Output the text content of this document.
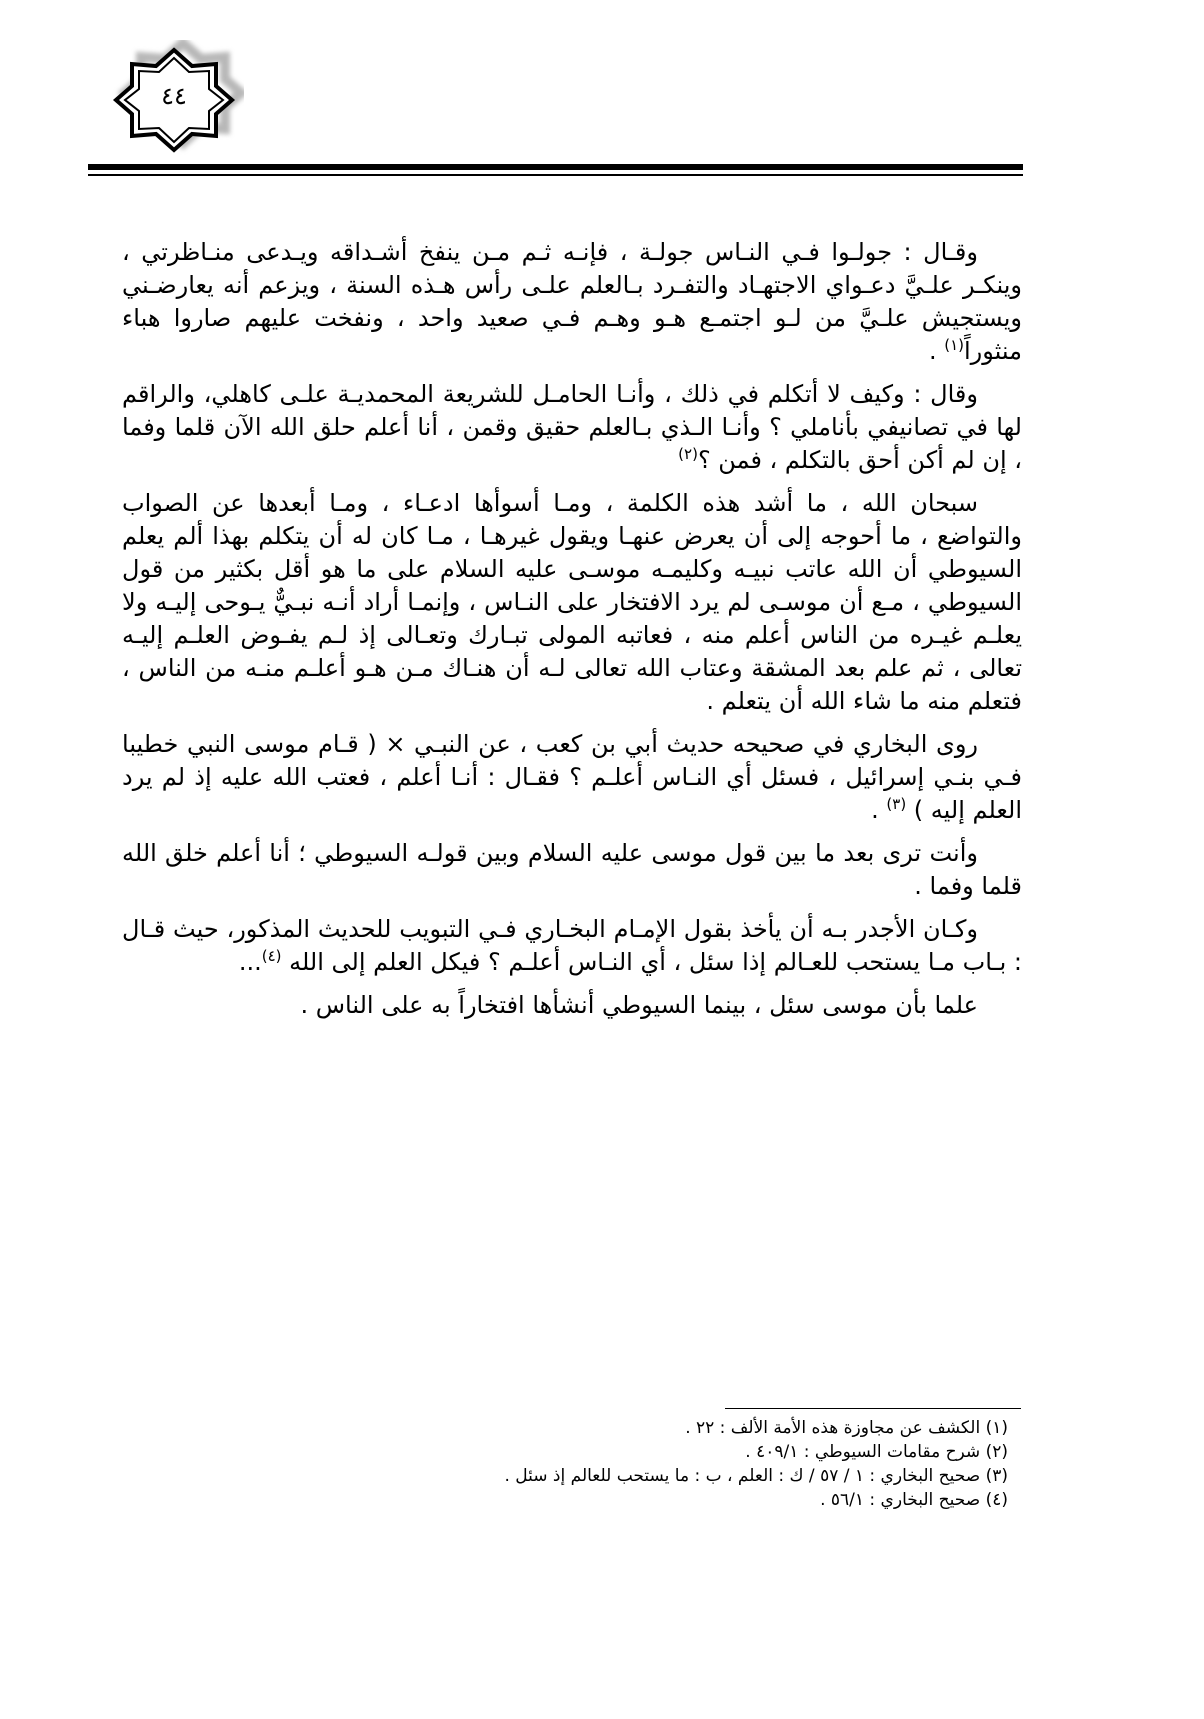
٤٤

وقـال : جولـوا فـي النـاس جولـة ، فإنـه ثـم مـن ينفخ أشـداقه ويـدعى منـاظرتي ، وينكـر علـيَّ دعـواي الاجتهـاد والتفـرد بـالعلم علـى رأس هـذه السنة ، ويزعم أنه يعارضـني ويستجيش علـيَّ من لـو اجتمـع هـو وهـم فـي صعيد واحد ، ونفخت عليهم صاروا هباء منثوراً$^{(١)}$ .

وقال : وكيف لا أتكلم في ذلك ، وأنـا الحامـل للشريعة المحمديـة علـى كاهلي، والراقم لها في تصانيفي بأناملي ؟ وأنـا الـذي بـالعلم حقيق وقمن ، أنا أعلم حلق الله الآن قلما وفما ، إن لم أكن أحق بالتكلم ، فمن ؟$^{(٢)}$

سبحان الله ، ما أشد هذه الكلمة ، ومـا أسوأها ادعـاء ، ومـا أبعدها عن الصواب والتواضع ، ما أحوجه إلى أن يعرض عنهـا ويقول غيرهـا ، مـا كان له أن يتكلم بهذا ألم يعلم السيوطي أن الله عاتب نبيـه وكليمـه موسـى عليه السلام على ما هو أقل بكثير من قول السيوطي ، مـع أن موسـى لم يرد الافتخار على النـاس ، وإنمـا أراد أنـه نبـيٌّ يـوحى إليـه ولا يعلـم غيـره من الناس أعلم منه ، فعاتبه المولى تبـارك وتعـالى إذ لـم يفـوض العلـم إليـه تعالى ، ثم علم بعد المشقة وعتاب الله تعالى لـه أن هنـاك مـن هـو أعلـم منـه من الناس ، فتعلم منه ما شاء الله أن يتعلم .

روى البخاري في صحيحه حديث أبي بن كعب ، عن النبـي × ( قـام موسى النبي خطيبا فـي بنـي إسرائيل ، فسئل أي النـاس أعلـم ؟ فقـال : أنـا أعلم ، فعتب الله عليه إذ لم يرد العلم إليه ) $^{(٣)}$ .

وأنت ترى بعد ما بين قول موسى عليه السلام وبين قولـه السيوطي ؛ أنا أعلم خلق الله قلما وفما .

وكـان الأجدر بـه أن يأخذ بقول الإمـام البخـاري فـي التبويب للحديث المذكور، حيث قـال : بـاب مـا يستحب للعـالم إذا سئل ، أي النـاس أعلـم ؟ فيكل العلم إلى الله $^{(٤)}$...

علما بأن موسى سئل ، بينما السيوطي أنشأها افتخاراً به على الناس .

(١) الكشف عن مجاوزة هذه الأمة الألف : ٢٢ .

(٢) شرح مقامات السيوطي : ٤٠٩/١ .

(٣) صحيح البخاري : ١ / ٥٧ / ك : العلم ، ب : ما يستحب للعالم إذ سئل .

(٤) صحيح البخاري : ٥٦/١ .
